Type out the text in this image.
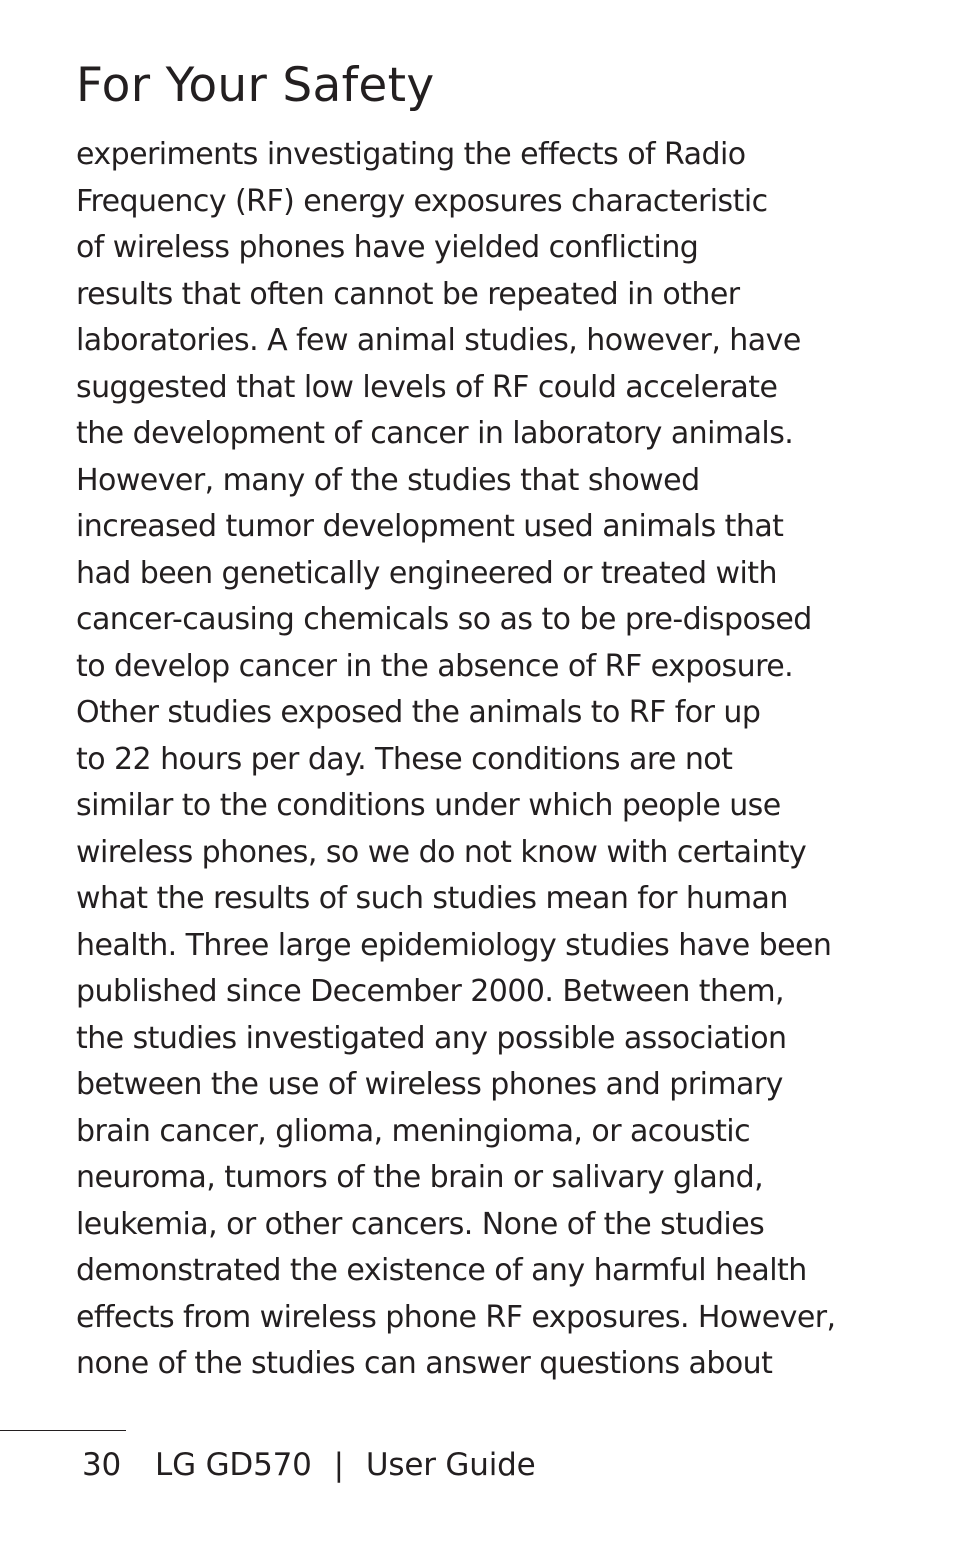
For Your Safety
experiments investigating the effects of Radio
Frequency (RF) energy exposures characteristic
of wireless phones have yielded conflicting
results that often cannot be repeated in other
laboratories. A few animal studies, however, have
suggested that low levels of RF could accelerate
the development of cancer in laboratory animals.
However, many of the studies that showed
increased tumor development used animals that
had been genetically engineered or treated with
cancer-causing chemicals so as to be pre-disposed
to develop cancer in the absence of RF exposure.
Other studies exposed the animals to RF for up
to 22 hours per day. These conditions are not
similar to the conditions under which people use
wireless phones, so we do not know with certainty
what the results of such studies mean for human
health. Three large epidemiology studies have been
published since December 2000. Between them,
the studies investigated any possible association
between the use of wireless phones and primary
brain cancer, glioma, meningioma, or acoustic
neuroma, tumors of the brain or salivary gland,
leukemia, or other cancers. None of the studies
demonstrated the existence of any harmful health
effects from wireless phone RF exposures. However,
none of the studies can answer questions about
30 LG GD570 | User Guide
